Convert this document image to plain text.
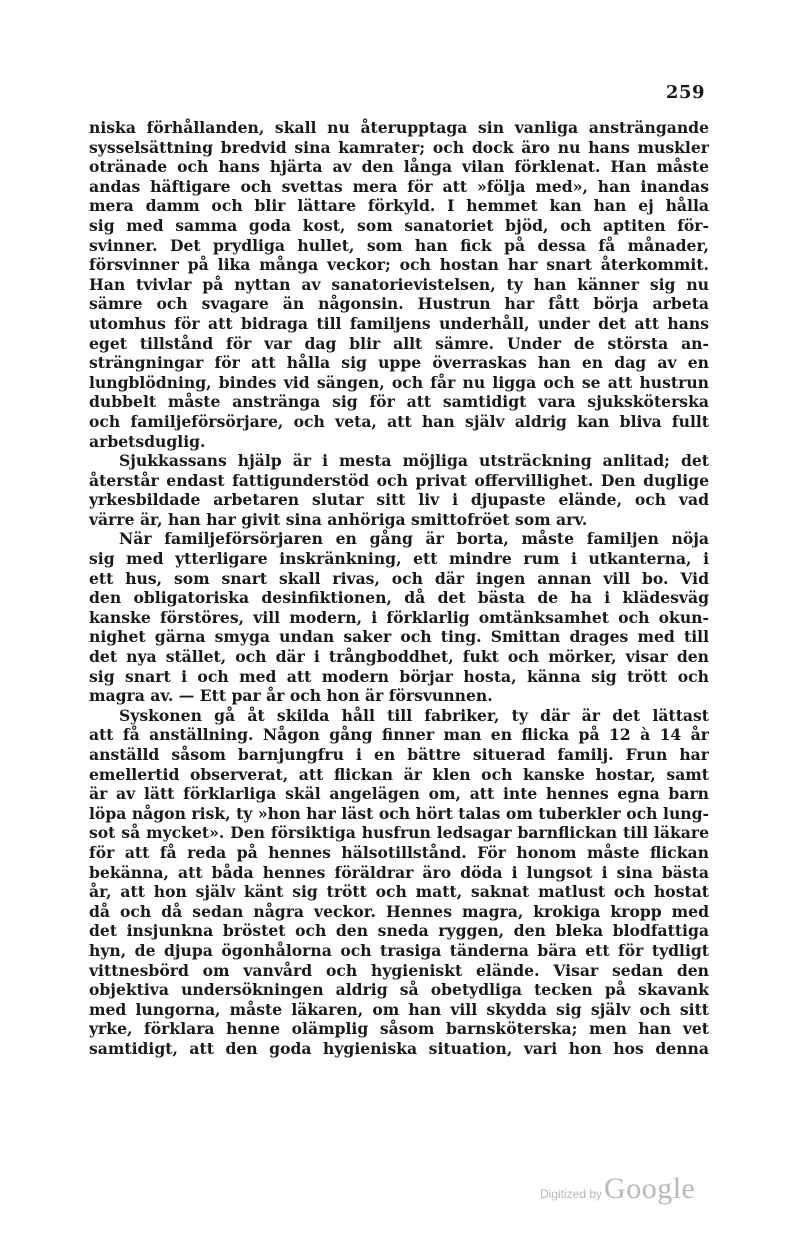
259
niska förhållanden, skall nu återupptaga sin vanliga ansträngande
sysselsättning bredvid sina kamrater; och dock äro nu hans muskler
otränade och hans hjärta av den långa vilan förklenat. Han måste
andas häftigare och svettas mera för att »följa med», han inandas
mera damm och blir lättare förkyld. I hemmet kan han ej hålla
sig med samma goda kost, som sanatoriet bjöd, och aptiten för-
svinner. Det prydliga hullet, som han fick på dessa få månader,
försvinner på lika många veckor; och hostan har snart återkommit.
Han tvivlar på nyttan av sanatorievistelsen, ty han känner sig nu
sämre och svagare än någonsin. Hustrun har fått börja arbeta
utomhus för att bidraga till familjens underhåll, under det att hans
eget tillstånd för var dag blir allt sämre. Under de största an-
strängningar för att hålla sig uppe överraskas han en dag av en
lungblödning, bindes vid sängen, och får nu ligga och se att hustrun
dubbelt måste anstränga sig för att samtidigt vara sjuksköterska
och familjeförsörjare, och veta, att han själv aldrig kan bliva fullt
arbetsduglig.
Sjukkassans hjälp är i mesta möjliga utsträckning anlitad; det
återstår endast fattigunderstöd och privat offervillighet. Den duglige
yrkesbildade arbetaren slutar sitt liv i djupaste elände, och vad
värre är, han har givit sina anhöriga smittofröet som arv.
När familjeförsörjaren en gång är borta, måste familjen nöja
sig med ytterligare inskränkning, ett mindre rum i utkanterna, i
ett hus, som snart skall rivas, och där ingen annan vill bo. Vid
den obligatoriska desinfiktionen, då det bästa de ha i klädesväg
kanske förstöres, vill modern, i förklarlig omtänksamhet och okun-
nighet gärna smyga undan saker och ting. Smittan drages med till
det nya stället, och där i trångboddhet, fukt och mörker, visar den
sig snart i och med att modern börjar hosta, känna sig trött och
magra av. — Ett par år och hon är försvunnen.
Syskonen gå åt skilda håll till fabriker, ty där är det lättast
att få anställning. Någon gång finner man en flicka på 12 à 14 år
anställd såsom barnjungfru i en bättre situerad familj. Frun har
emellertid observerat, att flickan är klen och kanske hostar, samt
är av lätt förklarliga skäl angelägen om, att inte hennes egna barn
löpa någon risk, ty »hon har läst och hört talas om tuberkler och lung-
sot så mycket». Den försiktiga husfrun ledsagar barnflickan till läkare
för att få reda på hennes hälsotillstånd. För honom måste flickan
bekänna, att båda hennes föräldrar äro döda i lungsot i sina bästa
år, att hon själv känt sig trött och matt, saknat matlust och hostat
då och då sedan några veckor. Hennes magra, krokiga kropp med
det insjunkna bröstet och den sneda ryggen, den bleka blodfattiga
hyn, de djupa ögonhålorna och trasiga tänderna bära ett för tydligt
vittnesbörd om vanvård och hygieniskt elände. Visar sedan den
objektiva undersökningen aldrig så obetydliga tecken på skavank
med lungorna, måste läkaren, om han vill skydda sig själv och sitt
yrke, förklara henne olämplig såsom barnsköterska; men han vet
samtidigt, att den goda hygieniska situation, vari hon hos denna
Digitized by Google
